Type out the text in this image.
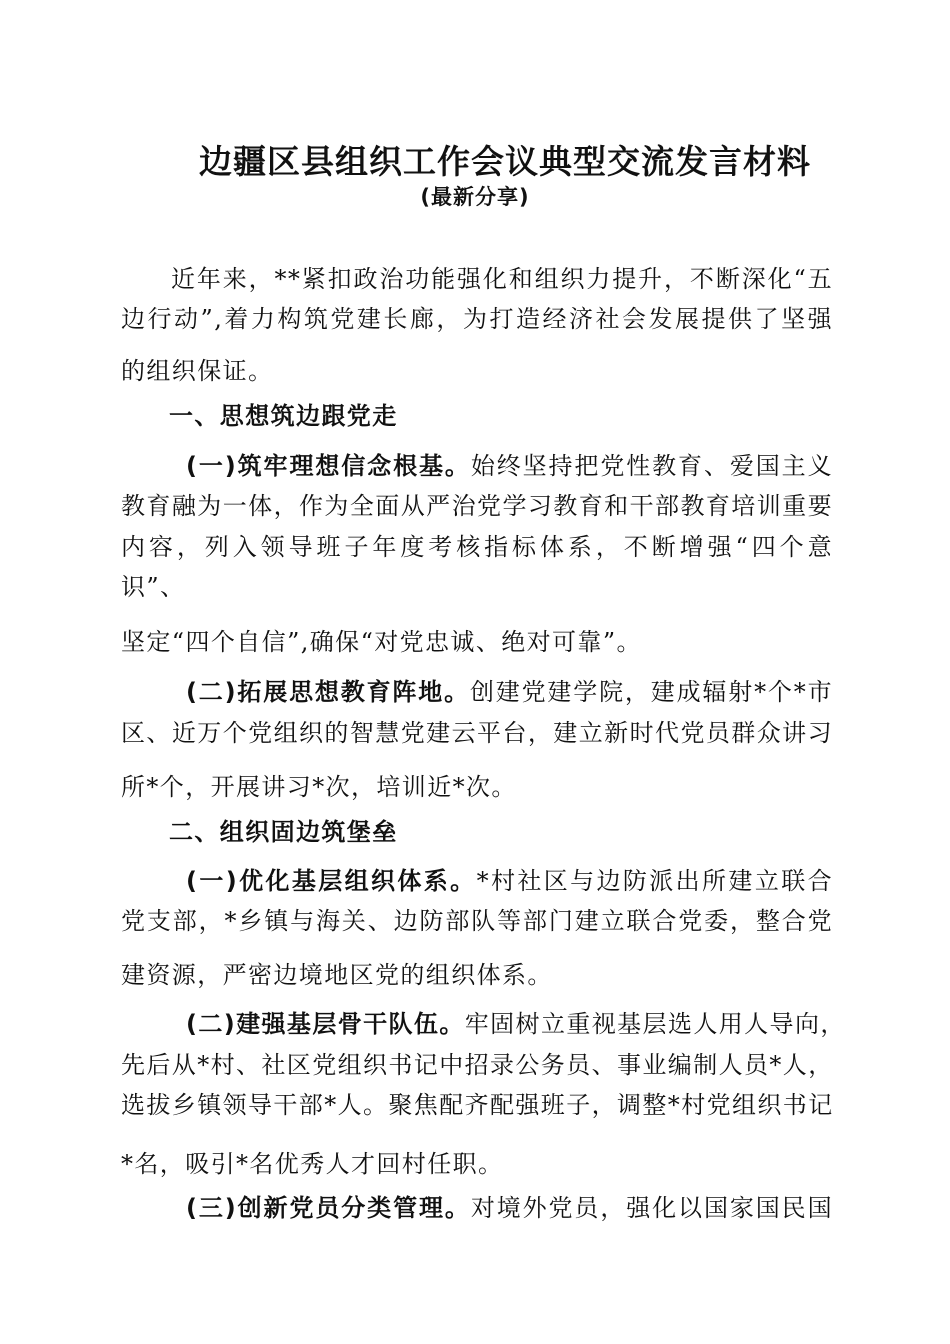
边疆区县组织工作会议典型交流发言材料
(最新分享)
近年来，**紧扣政治功能强化和组织力提升，不断深化“五
边行动”,着力构筑党建长廊，为打造经济社会发展提供了坚强
的组织保证。
一、思想筑边跟党走
(一)筑牢理想信念根基。始终坚持把党性教育、爱国主义
教育融为一体，作为全面从严治党学习教育和干部教育培训重要
内容，列入领导班子年度考核指标体系，不断增强“四个意
识”、
坚定“四个自信”,确保“对党忠诚、绝对可靠”。
(二)拓展思想教育阵地。创建党建学院，建成辐射*个*市
区、近万个党组织的智慧党建云平台，建立新时代党员群众讲习
所*个，开展讲习*次，培训近*次。
二、组织固边筑堡垒
(一)优化基层组织体系。*村社区与边防派出所建立联合
党支部，*乡镇与海关、边防部队等部门建立联合党委，整合党
建资源，严密边境地区党的组织体系。
(二)建强基层骨干队伍。牢固树立重视基层选人用人导向，
先后从*村、社区党组织书记中招录公务员、事业编制人员*人，
选拔乡镇领导干部*人。聚焦配齐配强班子，调整*村党组织书记
*名，吸引*名优秀人才回村任职。
(三)创新党员分类管理。对境外党员，强化以国家国民国
